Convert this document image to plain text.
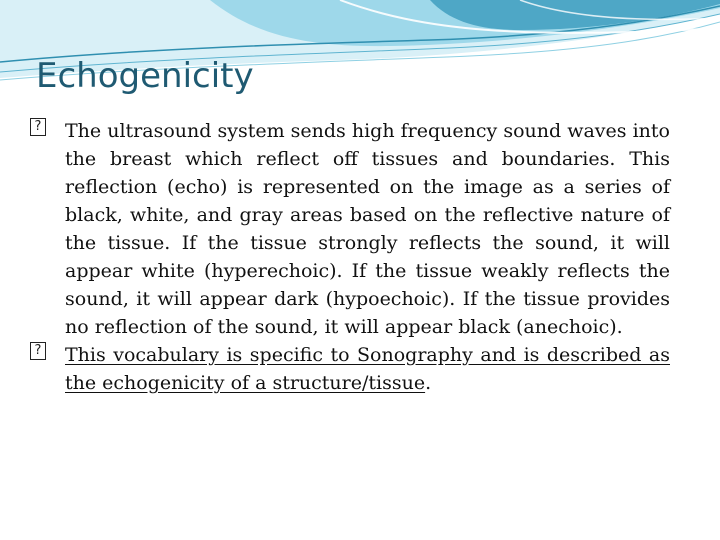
Echogenicity
? The ultrasound system sends high frequency sound waves into the breast which reflect off tissues and boundaries. This reflection (echo) is represented on the image as a series of black, white, and gray areas based on the reflective nature of the tissue. If the tissue strongly reflects the sound, it will appear white (hyperechoic). If the tissue weakly reflects the sound, it will appear dark (hypoechoic). If the tissue provides no reflection of the sound, it will appear black (anechoic).
? This vocabulary is specific to Sonography and is described as the echogenicity of a structure/tissue.
